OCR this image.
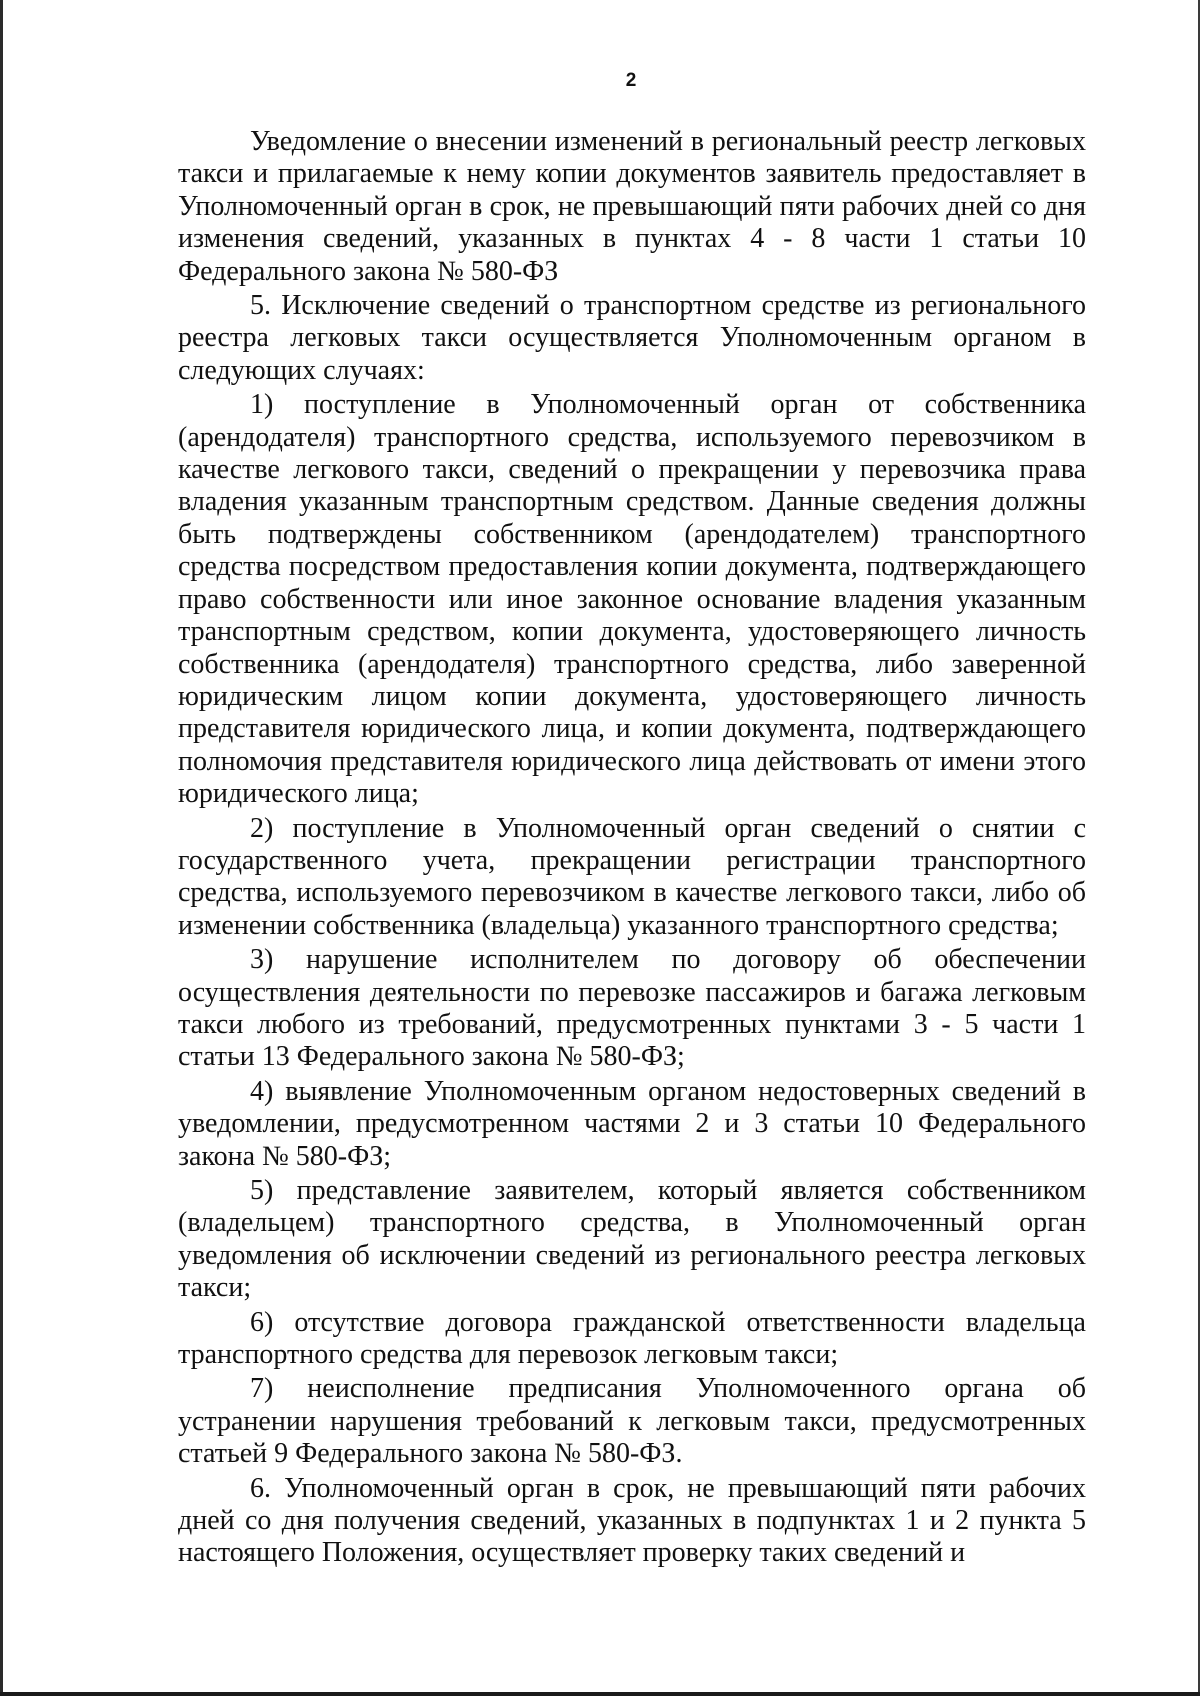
2

Уведомление о внесении изменений в региональный реестр легковых такси и прилагаемые к нему копии документов заявитель предоставляет в Уполномоченный орган в срок, не превышающий пяти рабочих дней со дня изменения сведений, указанных в пунктах 4 - 8 части 1 статьи 10 Федерального закона № 580-ФЗ

5. Исключение сведений о транспортном средстве из регионального реестра легковых такси осуществляется Уполномоченным органом в следующих случаях:

1) поступление в Уполномоченный орган от собственника (арендодателя) транспортного средства, используемого перевозчиком в качестве легкового такси, сведений о прекращении у перевозчика права владения указанным транспортным средством. Данные сведения должны быть подтверждены собственником (арендодателем) транспортного средства посредством предоставления копии документа, подтверждающего право собственности или иное законное основание владения указанным транспортным средством, копии документа, удостоверяющего личность собственника (арендодателя) транспортного средства, либо заверенной юридическим лицом копии документа, удостоверяющего личность представителя юридического лица, и копии документа, подтверждающего полномочия представителя юридического лица действовать от имени этого юридического лица;

2) поступление в Уполномоченный орган сведений о снятии с государственного учета, прекращении регистрации транспортного средства, используемого перевозчиком в качестве легкового такси, либо об изменении собственника (владельца) указанного транспортного средства;

3) нарушение исполнителем по договору об обеспечении осуществления деятельности по перевозке пассажиров и багажа легковым такси любого из требований, предусмотренных пунктами 3 - 5 части 1 статьи 13 Федерального закона № 580-ФЗ;

4) выявление Уполномоченным органом недостоверных сведений в уведомлении, предусмотренном частями 2 и 3 статьи 10 Федерального закона № 580-ФЗ;

5) представление заявителем, который является собственником (владельцем) транспортного средства, в Уполномоченный орган уведомления об исключении сведений из регионального реестра легковых такси;

6) отсутствие договора гражданской ответственности владельца транспортного средства для перевозок легковым такси;

7) неисполнение предписания Уполномоченного органа об устранении нарушения требований к легковым такси, предусмотренных статьей 9 Федерального закона № 580-ФЗ.

6. Уполномоченный орган в срок, не превышающий пяти рабочих дней со дня получения сведений, указанных в подпунктах 1 и 2 пункта 5 настоящего Положения, осуществляет проверку таких сведений и
